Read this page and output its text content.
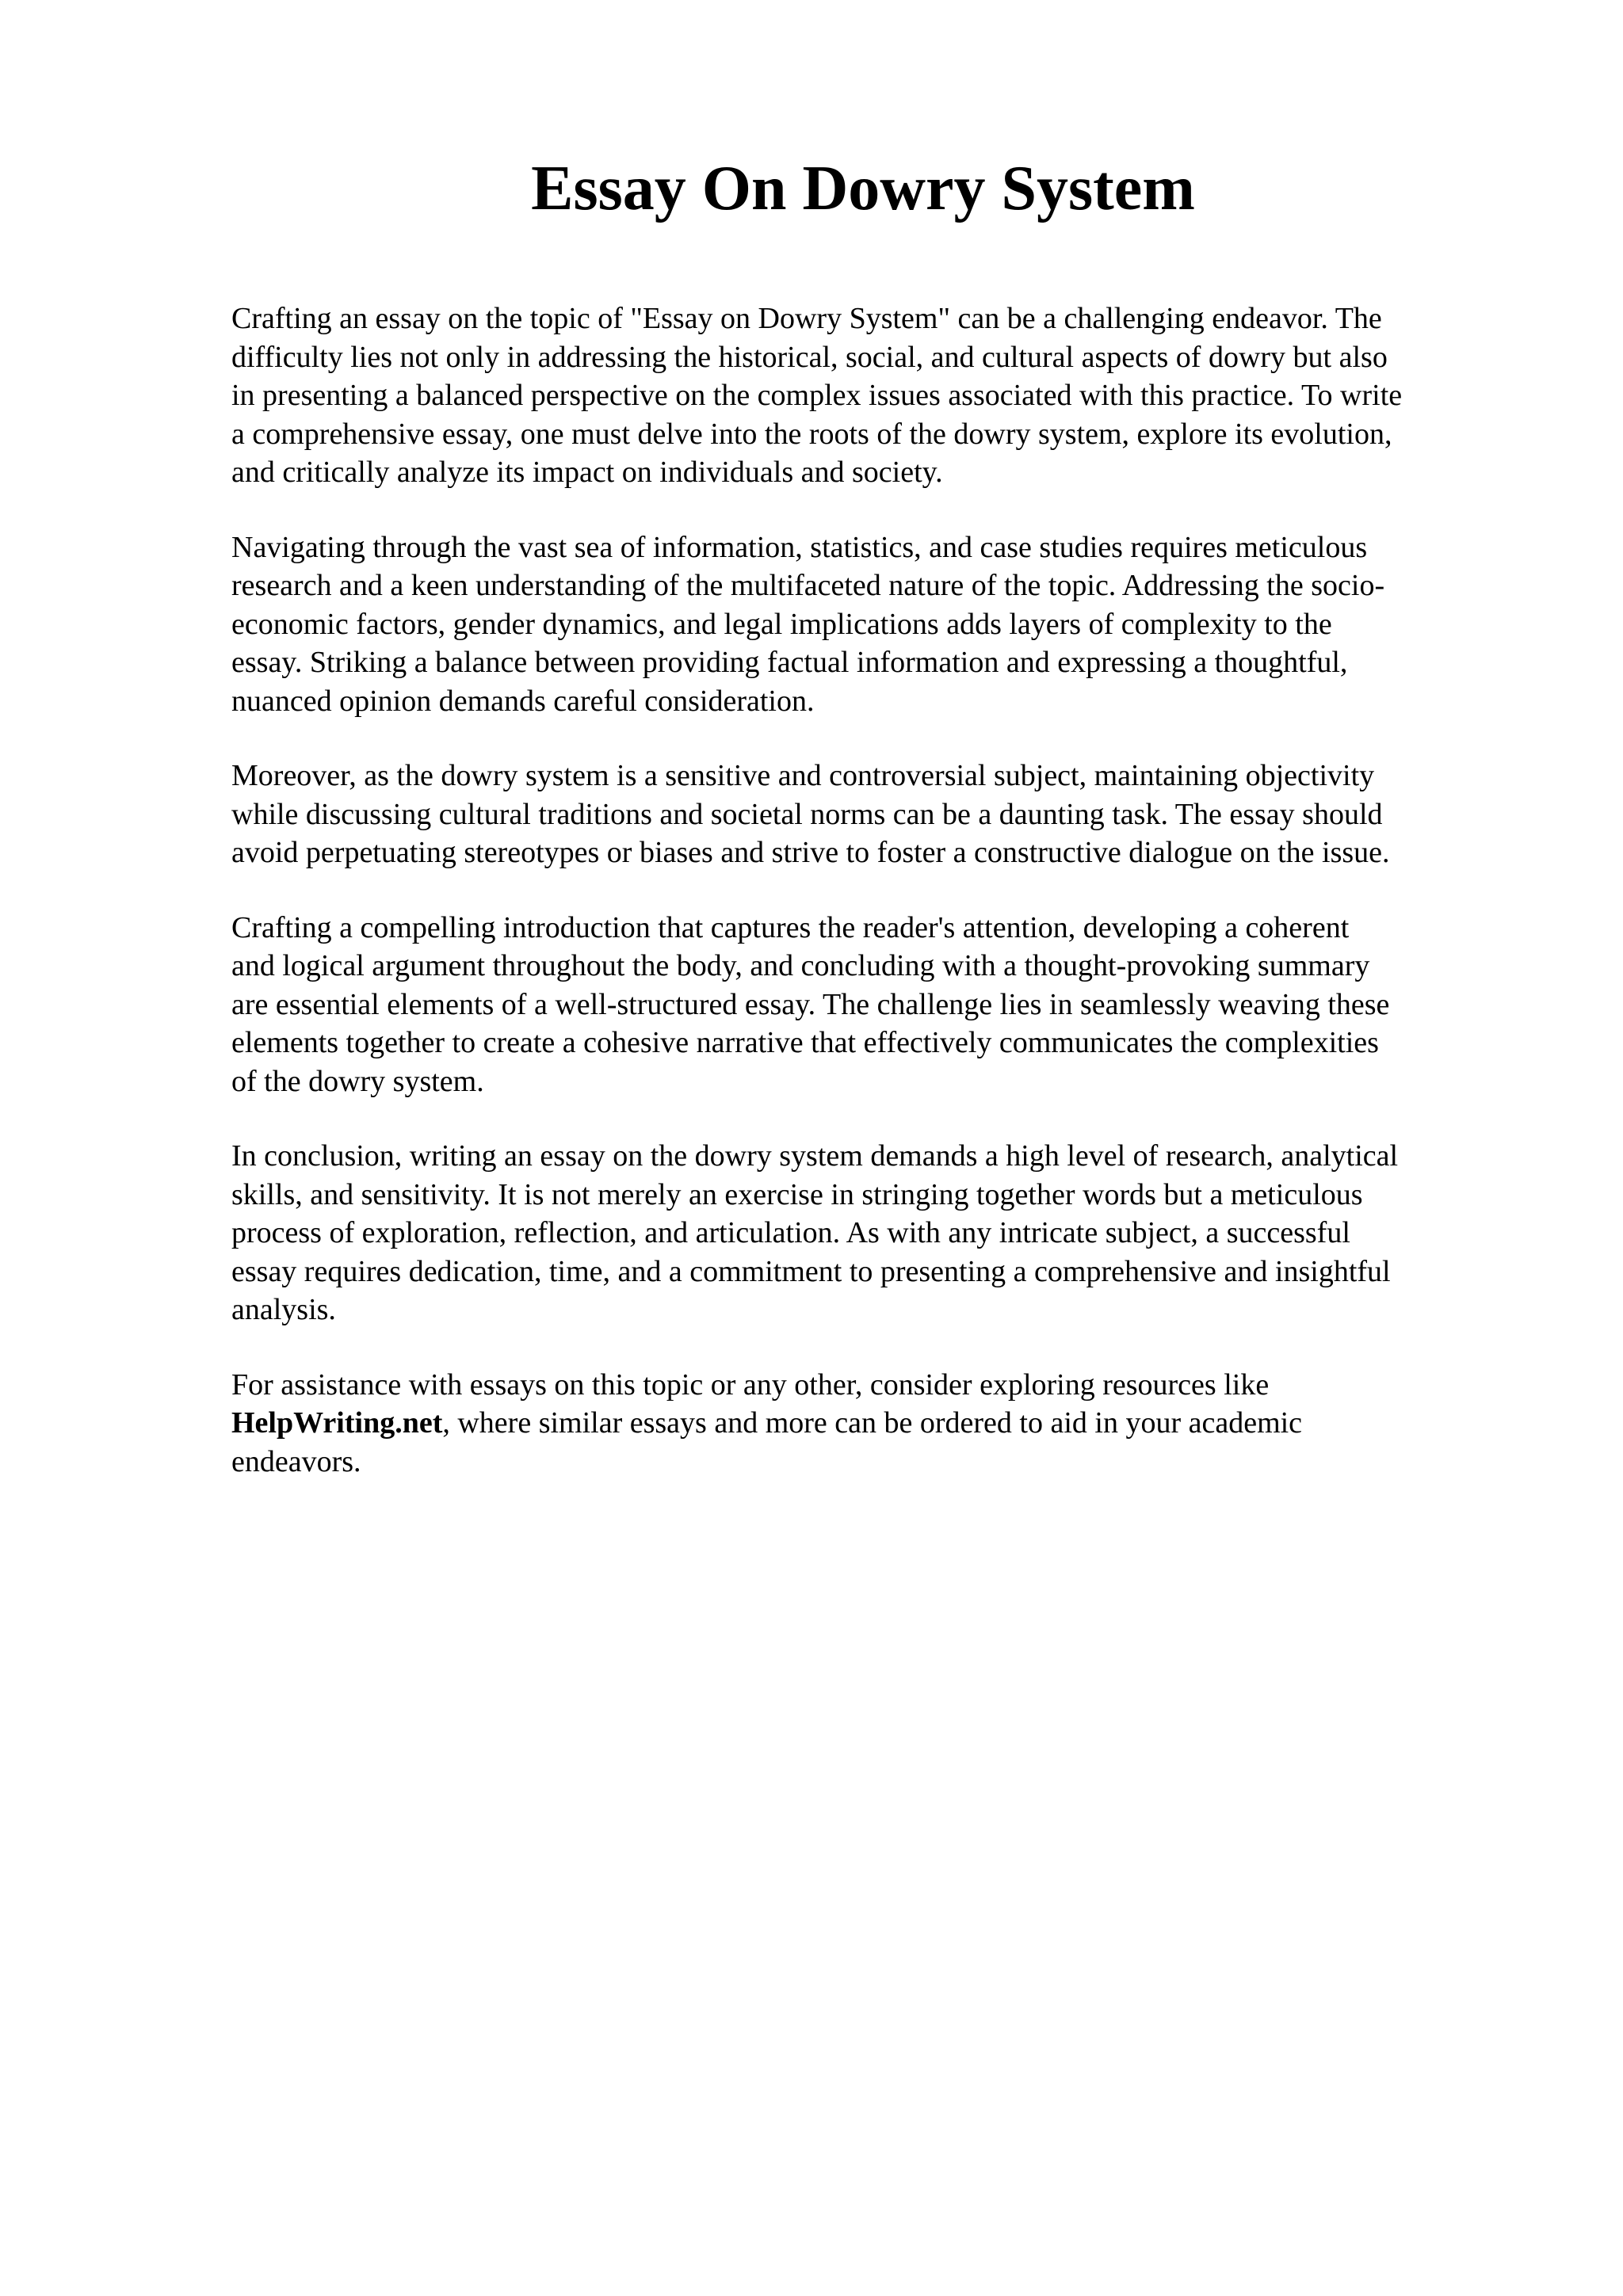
Essay On Dowry System

Crafting an essay on the topic of "Essay on Dowry System" can be a challenging endeavor. The
difficulty lies not only in addressing the historical, social, and cultural aspects of dowry but also
in presenting a balanced perspective on the complex issues associated with this practice. To write
a comprehensive essay, one must delve into the roots of the dowry system, explore its evolution,
and critically analyze its impact on individuals and society.

Navigating through the vast sea of information, statistics, and case studies requires meticulous
research and a keen understanding of the multifaceted nature of the topic. Addressing the socio-
economic factors, gender dynamics, and legal implications adds layers of complexity to the
essay. Striking a balance between providing factual information and expressing a thoughtful,
nuanced opinion demands careful consideration.

Moreover, as the dowry system is a sensitive and controversial subject, maintaining objectivity
while discussing cultural traditions and societal norms can be a daunting task. The essay should
avoid perpetuating stereotypes or biases and strive to foster a constructive dialogue on the issue.

Crafting a compelling introduction that captures the reader's attention, developing a coherent
and logical argument throughout the body, and concluding with a thought-provoking summary
are essential elements of a well-structured essay. The challenge lies in seamlessly weaving these
elements together to create a cohesive narrative that effectively communicates the complexities
of the dowry system.

In conclusion, writing an essay on the dowry system demands a high level of research, analytical
skills, and sensitivity. It is not merely an exercise in stringing together words but a meticulous
process of exploration, reflection, and articulation. As with any intricate subject, a successful
essay requires dedication, time, and a commitment to presenting a comprehensive and insightful
analysis.

For assistance with essays on this topic or any other, consider exploring resources like
HelpWriting.net, where similar essays and more can be ordered to aid in your academic
endeavors.
